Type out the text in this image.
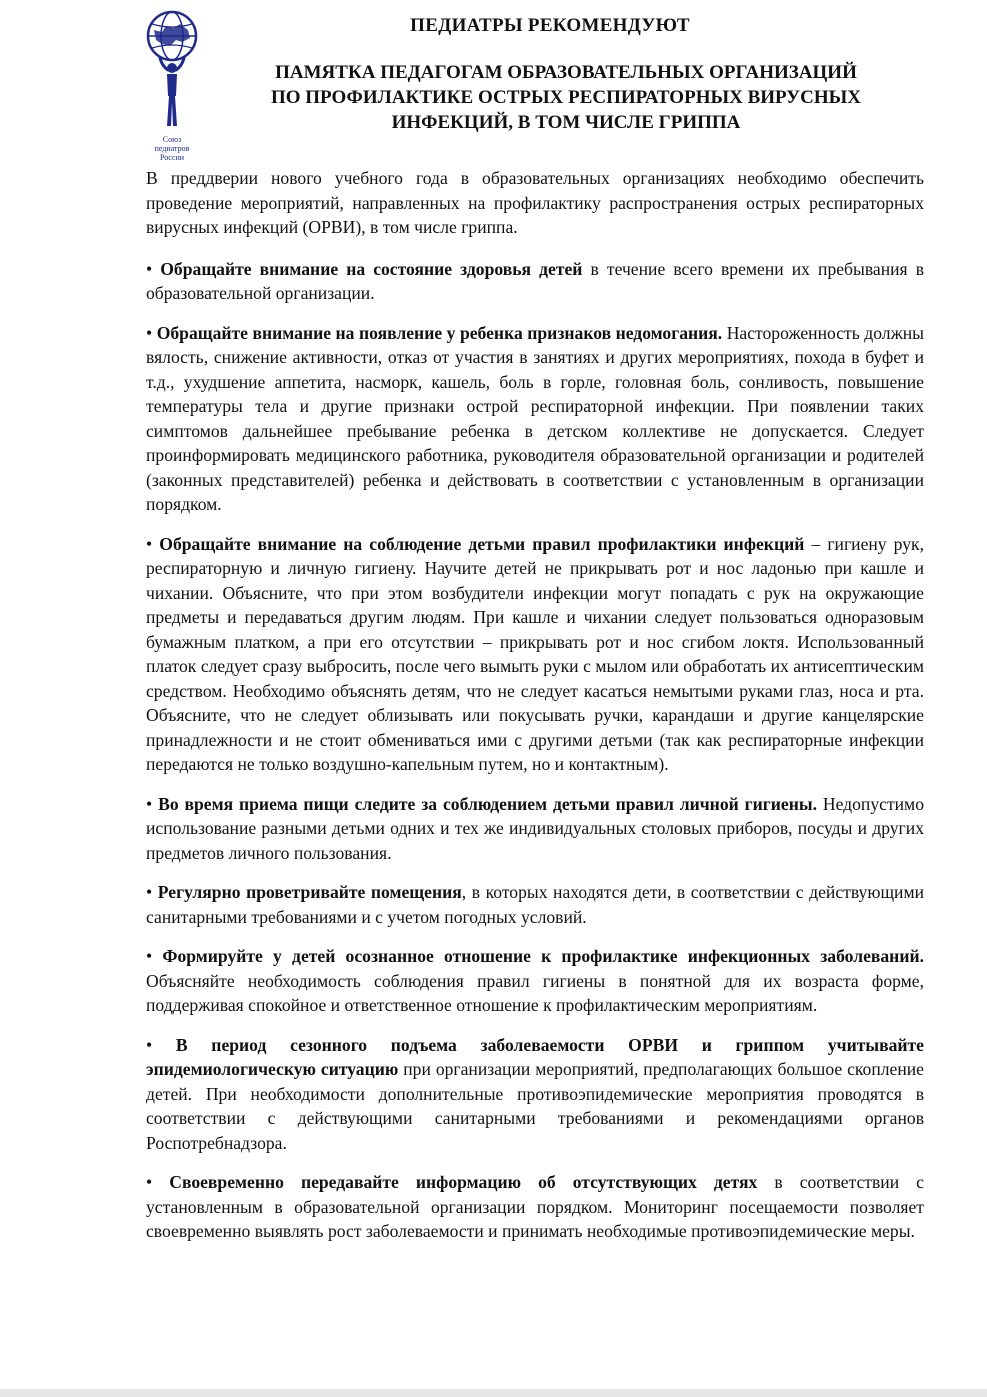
Союз
педиатров
России
ПЕДИАТРЫ РЕКОМЕНДУЮТ
ПАМЯТКА ПЕДАГОГАМ ОБРАЗОВАТЕЛЬНЫХ ОРГАНИЗАЦИЙ
ПО ПРОФИЛАКТИКЕ ОСТРЫХ РЕСПИРАТОРНЫХ ВИРУСНЫХ
ИНФЕКЦИЙ, В ТОМ ЧИСЛЕ ГРИППА

В преддверии нового учебного года в образовательных организациях необходимо обеспечить проведение мероприятий, направленных на профилактику распространения острых респираторных вирусных инфекций (ОРВИ), в том числе гриппа.

• Обращайте внимание на состояние здоровья детей в течение всего времени их пребывания в образовательной организации.

• Обращайте внимание на появление у ребенка признаков недомогания. Настороженность должны вялость, снижение активности, отказ от участия в занятиях и других мероприятиях, похода в буфет и т.д., ухудшение аппетита, насморк, кашель, боль в горле, головная боль, сонливость, повышение температуры тела и другие признаки острой респираторной инфекции. При появлении таких симптомов дальнейшее пребывание ребенка в детском коллективе не допускается. Следует проинформировать медицинского работника, руководителя образовательной организации и родителей (законных представителей) ребенка и действовать в соответствии с установленным в организации порядком.

• Обращайте внимание на соблюдение детьми правил профилактики инфекций – гигиену рук, респираторную и личную гигиену. Научите детей не прикрывать рот и нос ладонью при кашле и чихании. Объясните, что при этом возбудители инфекции могут попадать с рук на окружающие предметы и передаваться другим людям. При кашле и чихании следует пользоваться одноразовым бумажным платком, а при его отсутствии – прикрывать рот и нос сгибом локтя. Использованный платок следует сразу выбросить, после чего вымыть руки с мылом или обработать их антисептическим средством. Необходимо объяснять детям, что не следует касаться немытыми руками глаз, носа и рта. Объясните, что не следует облизывать или покусывать ручки, карандаши и другие канцелярские принадлежности и не стоит обмениваться ими с другими детьми (так как респираторные инфекции передаются не только воздушно-капельным путем, но и контактным).

• Во время приема пищи следите за соблюдением детьми правил личной гигиены. Недопустимо использование разными детьми одних и тех же индивидуальных столовых приборов, посуды и других предметов личного пользования.

• Регулярно проветривайте помещения, в которых находятся дети, в соответствии с действующими санитарными требованиями и с учетом погодных условий.

• Формируйте у детей осознанное отношение к профилактике инфекционных заболеваний. Объясняйте необходимость соблюдения правил гигиены в понятной для их возраста форме, поддерживая спокойное и ответственное отношение к профилактическим мероприятиям.

• В период сезонного подъема заболеваемости ОРВИ и гриппом учитывайте эпидемиологическую ситуацию при организации мероприятий, предполагающих большое скопление детей. При необходимости дополнительные противоэпидемические мероприятия проводятся в соответствии с действующими санитарными требованиями и рекомендациями органов Роспотребнадзора.

• Своевременно передавайте информацию об отсутствующих детях в соответствии с установленным в образовательной организации порядком. Мониторинг посещаемости позволяет своевременно выявлять рост заболеваемости и принимать необходимые противоэпидемические меры.
